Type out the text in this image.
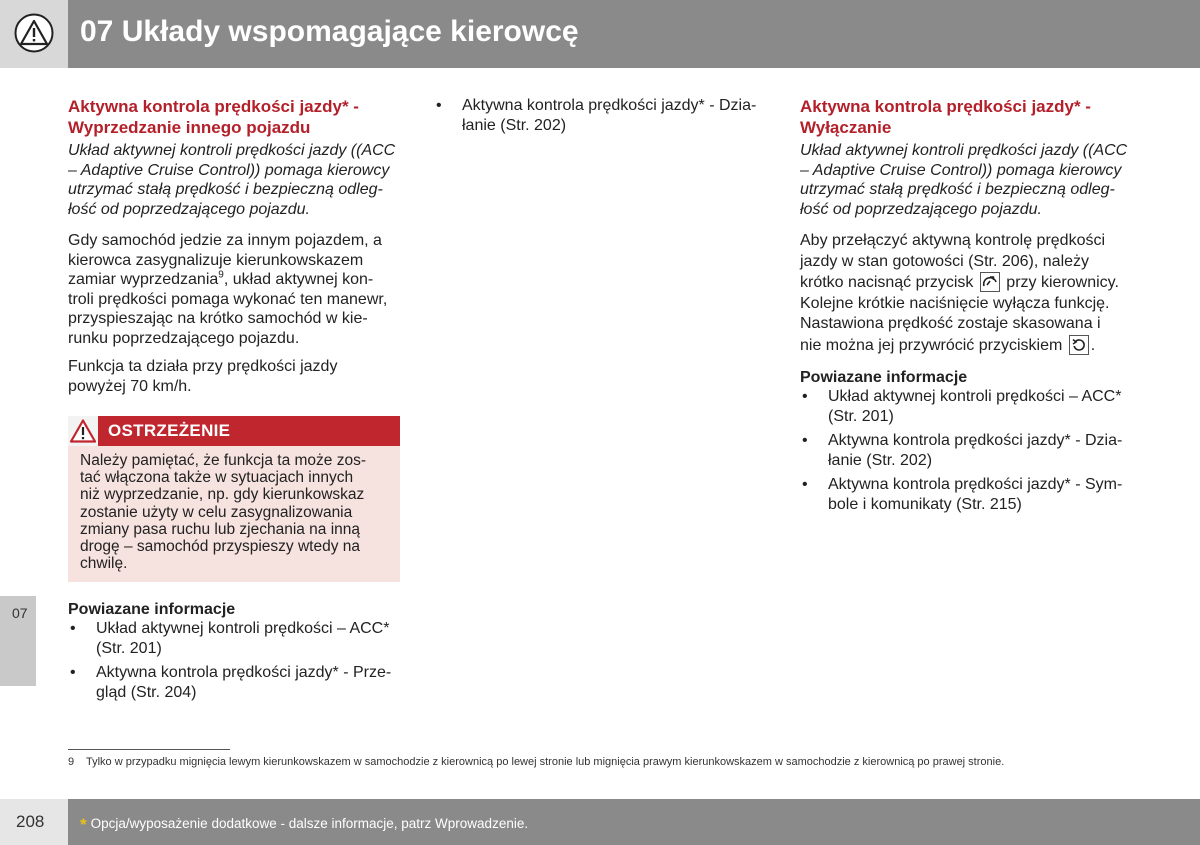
07 Układy wspomagające kierowcę
07
Aktywna kontrola prędkości jazdy* -
Wyprzedzanie innego pojazdu

Układ aktywnej kontroli prędkości jazdy ((ACC
– Adaptive Cruise Control)) pomaga kierowcy
utrzymać stałą prędkość i bezpieczną odleg-
łość od poprzedzającego pojazdu.

Gdy samochód jedzie za innym pojazdem, a
kierowca zasygnalizuje kierunkowskazem
zamiar wyprzedzania$^9$, układ aktywnej kon-
troli prędkości pomaga wykonać ten manewr,
przyspieszając na krótko samochód w kie-
runku poprzedzającego pojazdu.

Funkcja ta działa przy prędkości jazdy
powyżej 70 km/h.

OSTRZEŻENIE
Należy pamiętać, że funkcja ta może zos-
tać włączona także w sytuacjach innych
niż wyprzedzanie, np. gdy kierunkowskaz
zostanie użyty w celu zasygnalizowania
zmiany pasa ruchu lub zjechania na inną
drogę – samochód przyspieszy wtedy na
chwilę.
Powiazane informacje
• Układ aktywnej kontroli prędkości – ACC*
(Str. 201)
• Aktywna kontrola prędkości jazdy* - Prze-
gląd (Str. 204)
• Aktywna kontrola prędkości jazdy* - Dzia-
łanie (Str. 202)
Aktywna kontrola prędkości jazdy* -
Wyłączanie

Układ aktywnej kontroli prędkości jazdy ((ACC
– Adaptive Cruise Control)) pomaga kierowcy
utrzymać stałą prędkość i bezpieczną odleg-
łość od poprzedzającego pojazdu.

Aby przełączyć aktywną kontrolę prędkości
jazdy w stan gotowości (Str. 206), należy
krótko nacisnąć przycisk przy kierownicy.
Kolejne krótkie naciśnięcie wyłącza funkcję.
Nastawiona prędkość zostaje skasowana i
nie można jej przywrócić przyciskiem .

Powiazane informacje
• Układ aktywnej kontroli prędkości – ACC*
(Str. 201)
• Aktywna kontrola prędkości jazdy* - Dzia-
łanie (Str. 202)
• Aktywna kontrola prędkości jazdy* - Sym-
bole i komunikaty (Str. 215)
9 Tylko w przypadku mignięcia lewym kierunkowskazem w samochodzie z kierownicą po lewej stronie lub mignięcia prawym kierunkowskazem w samochodzie z kierownicą po prawej stronie.
208 * Opcja/wyposażenie dodatkowe - dalsze informacje, patrz Wprowadzenie.
